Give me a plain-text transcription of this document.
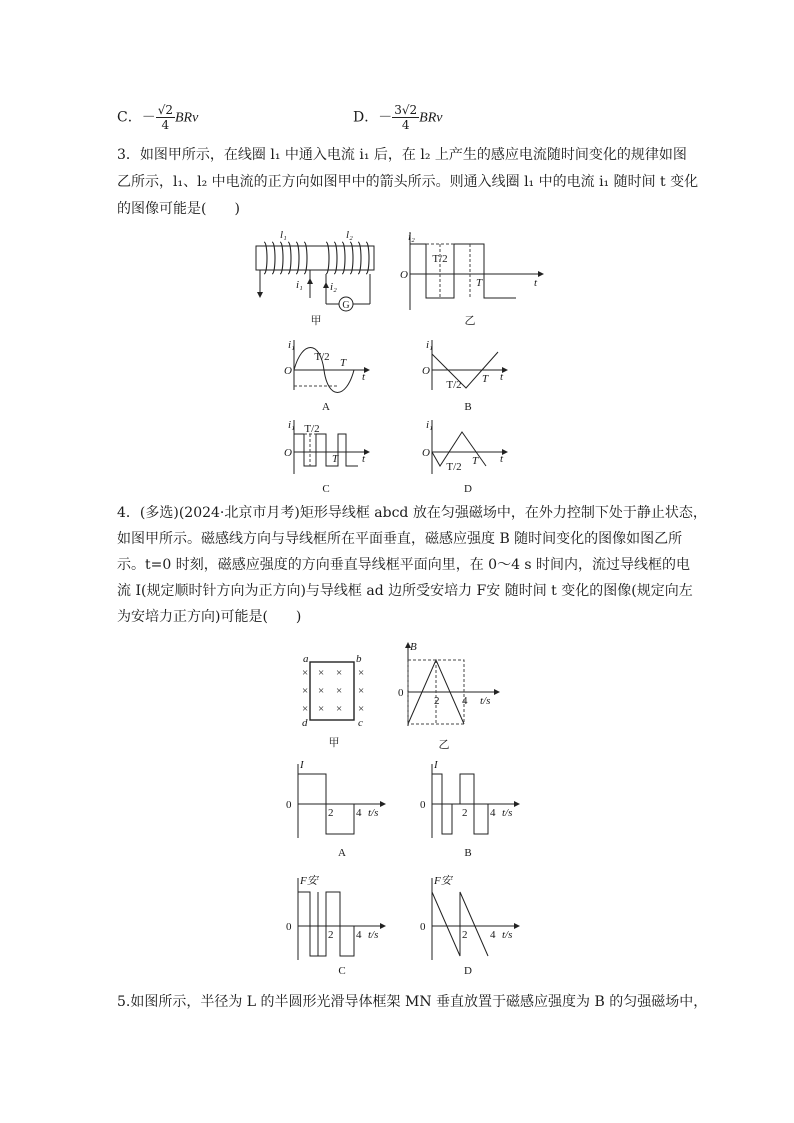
C．－ $\frac{√2}{4}$ BRv	D．－ $\frac{3√2}{4}$ BRv
3．如图甲所示，在线圈 l₁ 中通入电流 i₁ 后，在 l₂ 上产生的感应电流随时间变化的规律如图
乙所示，l₁、l₂ 中电流的正方向如图甲中的箭头所示。则通入线圈 l₁ 中的电流 i₁ 随时间 t 变化
的图像可能是(　　)
G
l₁	l₂
i₁ i₂
甲
i₂
O
t
T/2
T
乙
i₁
O	t
T/2 T
A
i₁
O	t
T/2 T
B
i₁
O	t
T/2
T
C
i₁
O	t
T/2 T
D
4．(多选)(2024·北京市月考)矩形导线框 abcd 放在匀强磁场中，在外力控制下处于静止状态，
如图甲所示。磁感线方向与导线框所在平面垂直，磁感应强度 B 随时间变化的图像如图乙所
示。t=0 时刻，磁感应强度的方向垂直导线框平面向里，在 0～4 s 时间内，流过导线框的电
流 I(规定顺时针方向为正方向)与导线框 ad 边所受安培力 F安 随时间 t 变化的图像(规定向左
为安培力正方向)可能是(　　)
×
×
×
×
×
×
×
×
×
×
×
×
a	b
c
d
甲
B
0
2 4 t/s
乙
I
0
2 4 t/s
A
I
0
2 4 t/s
B
F安
0
2 4 t/s
C
F安
0
2 4 t/s
D
5.如图所示，半径为 L 的半圆形光滑导体框架 MN 垂直放置于磁感应强度为 B 的匀强磁场中，
